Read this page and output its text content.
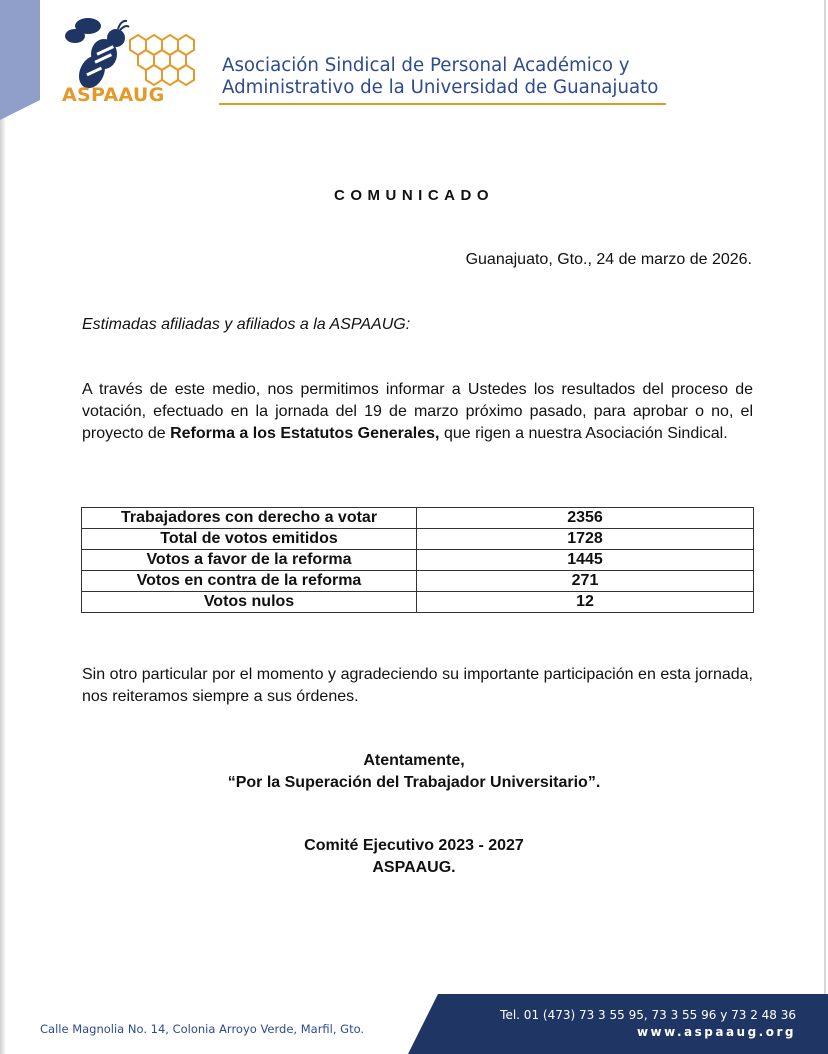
ASPAAUG
Asociación Sindical de Personal Académico y
Administrativo de la Universidad de Guanajuato
COMUNICADO
Guanajuato, Gto., 24 de marzo de 2026.
Estimadas afiliadas y afiliados a la ASPAAUG:
A través de este medio, nos permitimos informar a Ustedes los resultados del proceso de votación, efectuado en la jornada del 19 de marzo próximo pasado, para aprobar o no, el proyecto de Reforma a los Estatutos Generales, que rigen a nuestra Asociación Sindical.
Trabajadores con derecho a votar	2356
Total de votos emitidos	1728
Votos a favor de la reforma	1445
Votos en contra de la reforma	271
Votos nulos	12
Sin otro particular por el momento y agradeciendo su importante participación en esta jornada, nos reiteramos siempre a sus órdenes.
Atentamente,
“Por la Superación del Trabajador Universitario”.
Comité Ejecutivo 2023 - 2027
ASPAAUG.
Calle Magnolia No. 14, Colonia Arroyo Verde, Marfil, Gto.
Tel. 01 (473) 73 3 55 95, 73 3 55 96 y 73 2 48 36
www.aspaaug.org
